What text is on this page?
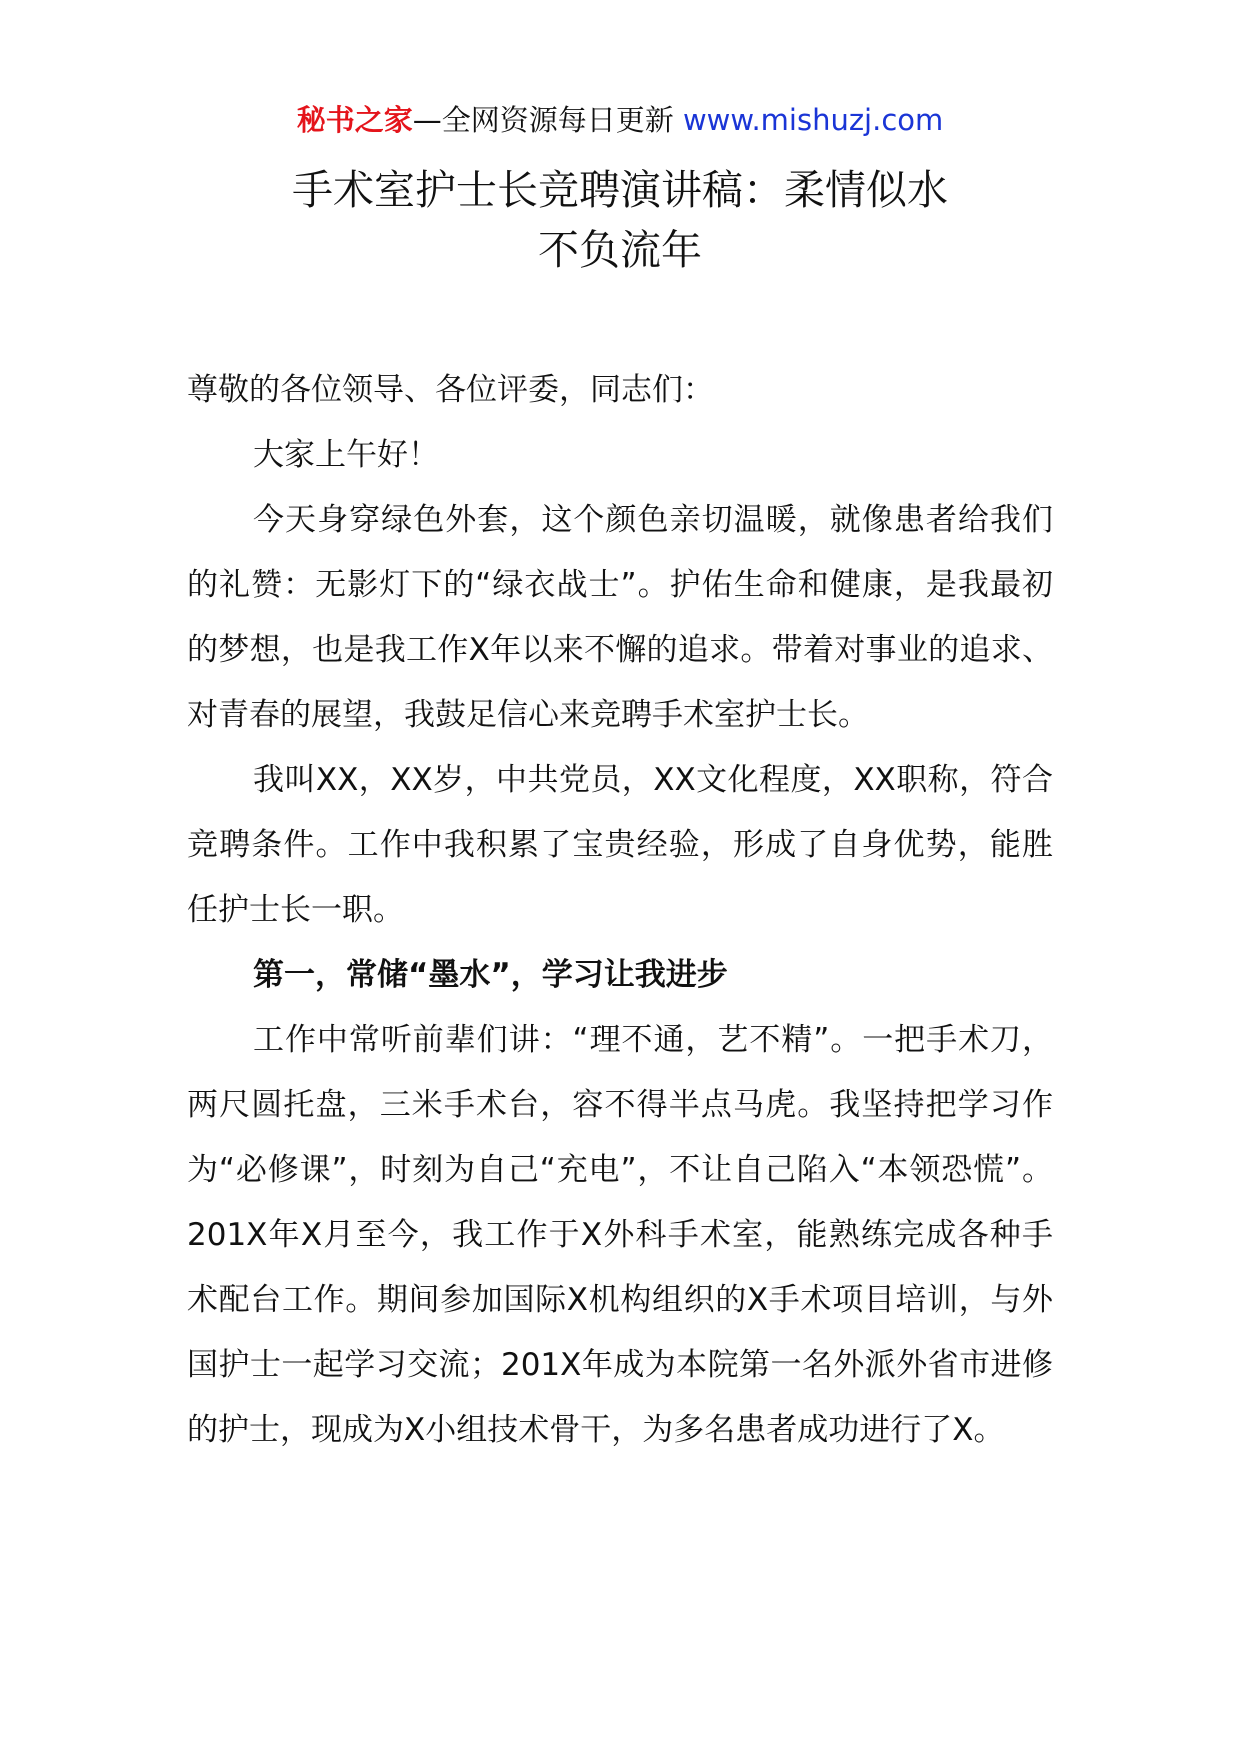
秘书之家—全网资源每日更新 www.mishuzj.com
手术室护士长竞聘演讲稿：柔情似水
不负流年

尊敬的各位领导、各位评委，同志们：

大家上午好！

今天身穿绿色外套，这个颜色亲切温暖，就像患者给我们的礼赞：无影灯下的“绿衣战士”。护佑生命和健康，是我最初的梦想，也是我工作X年以来不懈的追求。带着对事业的追求、对青春的展望，我鼓足信心来竞聘手术室护士长。

我叫XX，XX岁，中共党员，XX文化程度，XX职称，符合竞聘条件。工作中我积累了宝贵经验，形成了自身优势，能胜任护士长一职。

第一，常储“墨水”，学习让我进步

工作中常听前辈们讲：“理不通，艺不精”。一把手术刀，两尺圆托盘，三米手术台，容不得半点马虎。我坚持把学习作为“必修课”，时刻为自己“充电”，不让自己陷入“本领恐慌”。 201X年X月至今，我工作于X外科手术室，能熟练完成各种手术配台工作。期间参加国际X机构组织的X手术项目培训，与外国护士一起学习交流；201X年成为本院第一名外派外省市进修的护士，现成为X小组技术骨干，为多名患者成功进行了X。
